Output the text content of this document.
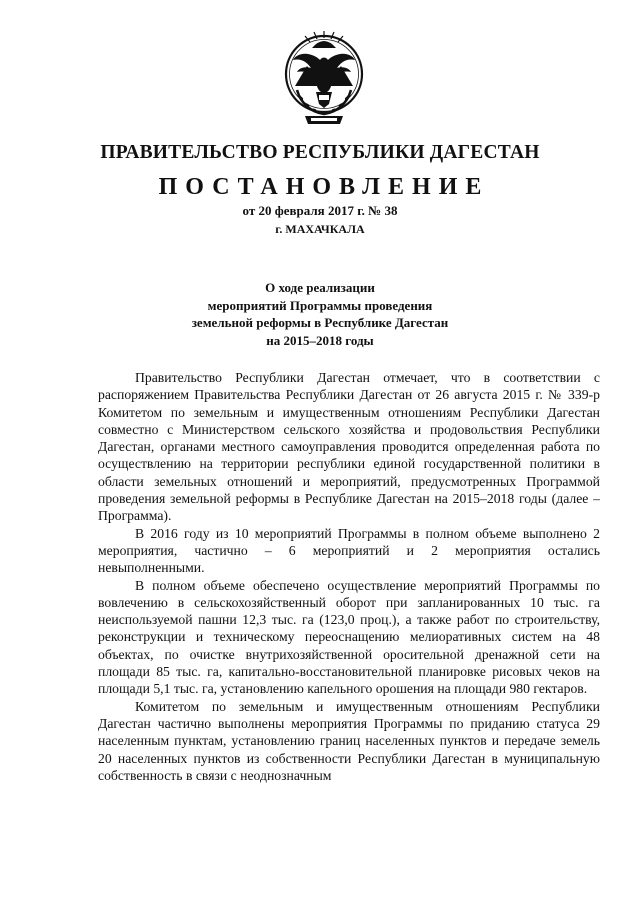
ПРАВИТЕЛЬСТВО РЕСПУБЛИКИ ДАГЕСТАН
ПОСТАНОВЛЕНИЕ
от 20 февраля 2017 г. № 38
г. МАХАЧКАЛА
О ходе реализации
мероприятий Программы проведения
земельной реформы в Республике Дагестан
на 2015–2018 годы

Правительство Республики Дагестан отмечает, что в соответствии с распоряжением Правительства Республики Дагестан от 26 августа 2015 г. № 339-р Комитетом по земельным и имущественным отношениям Республики Дагестан совместно с Министерством сельского хозяйства и продовольствия Республики Дагестан, органами местного самоуправления проводится определенная работа по осуществлению на территории республики единой государственной политики в области земельных отношений и мероприятий, предусмотренных Программой проведения земельной реформы в Республике Дагестан на 2015–2018 годы (далее – Программа).

В 2016 году из 10 мероприятий Программы в полном объеме выполнено 2 мероприятия, частично – 6 мероприятий и 2 мероприятия остались невыполненными.

В полном объеме обеспечено осуществление мероприятий Программы по вовлечению в сельскохозяйственный оборот при запланированных 10 тыс. га неиспользуемой пашни 12,3 тыс. га (123,0 проц.), а также работ по строительству, реконструкции и техническому переоснащению мелиоративных систем на 48 объектах, по очистке внутрихозяйственной оросительной дренажной сети на площади 85 тыс. га, капитально-восстановительной планировке рисовых чеков на площади 5,1 тыс. га, установлению капельного орошения на площади 980 гектаров.

Комитетом по земельным и имущественным отношениям Республики Дагестан частично выполнены мероприятия Программы по приданию статуса 29 населенным пунктам, установлению границ населенных пунктов и передаче земель 20 населенных пунктов из собственности Республики Дагестан в муниципальную собственность в связи с неоднозначным
